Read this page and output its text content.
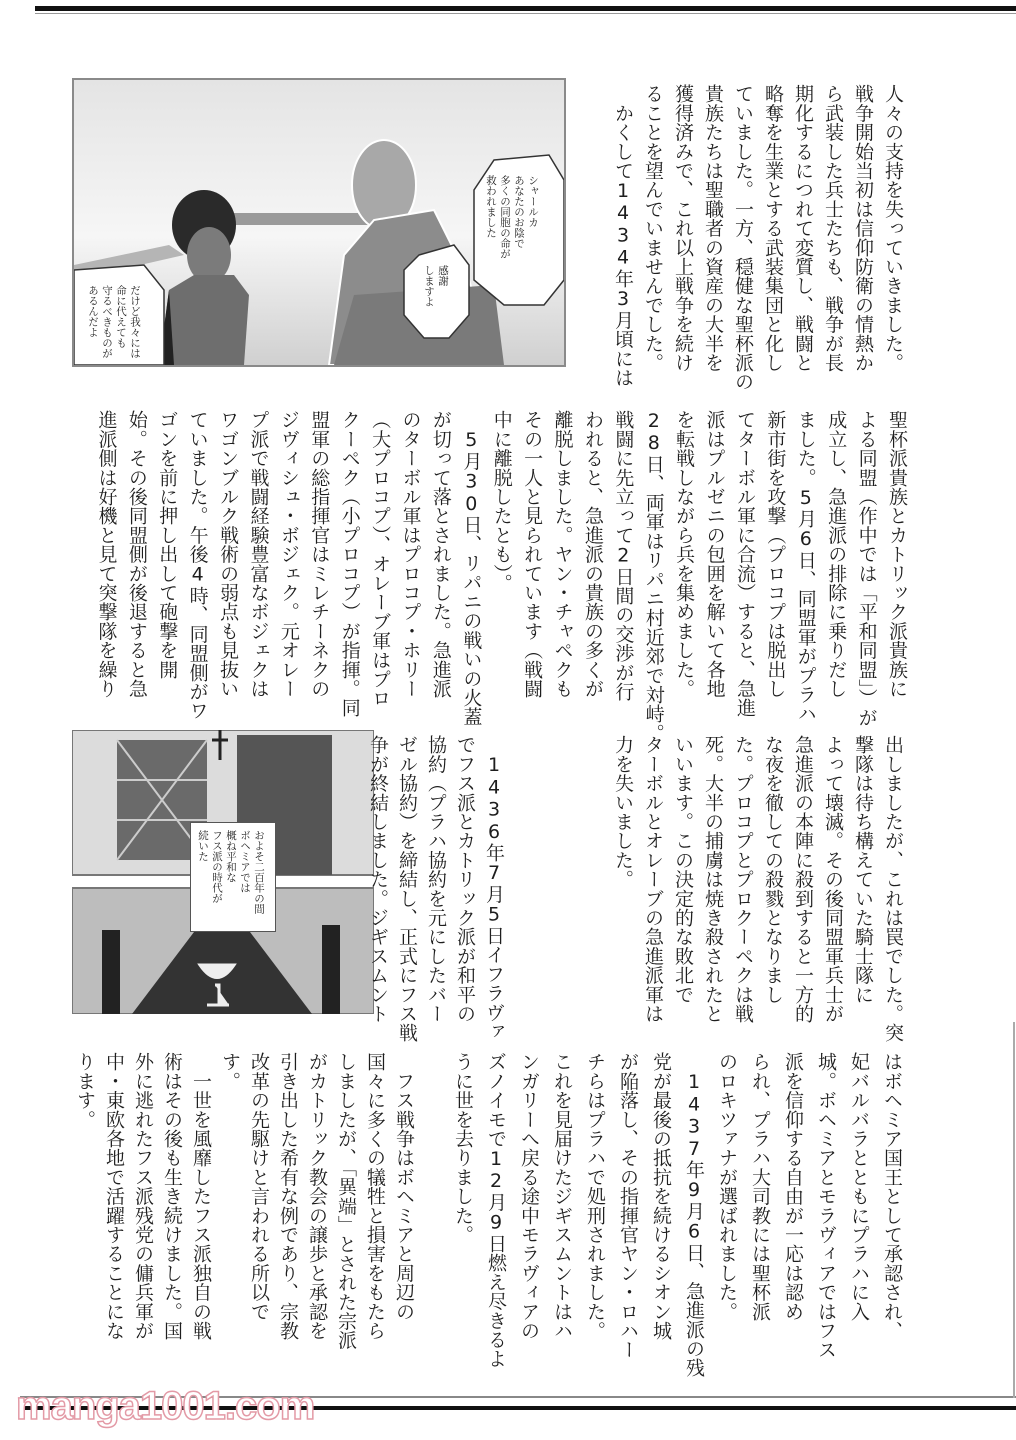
シャールカ
あなたのお陰で
多くの同胞の命が
救われました
感謝
しますよ
だけど我々には
命に代えても
守るべきものが
あるんだよ
およそ二百年の間
ボヘミアでは
概ね平和な
フス派の時代が
続いた
人々の支持を失っていきました。
戦争開始当初は信仰防衛の情熱か
ら武装した兵士たちも、戦争が長
期化するにつれて変質し、戦闘と
略奪を生業とする武装集団と化し
ていました。一方、穏健な聖杯派の
貴族たちは聖職者の資産の大半を
獲得済みで、これ以上戦争を続け
ることを望んでいませんでした。
　かくして1434年3月頃には
聖杯派貴族とカトリック派貴族に
よる同盟（作中では「平和同盟」）が
成立し、急進派の排除に乗りだし
ました。5月6日、同盟軍がプラハ
新市街を攻撃（プロコプは脱出し
てターボル軍に合流）すると、急進
派はプルゼニの包囲を解いて各地
を転戦しながら兵を集めました。
28日、両軍はリパニ村近郊で対峙。
戦闘に先立って2日間の交渉が行
われると、急進派の貴族の多くが
離脱しました。ヤン・チャペクも
その一人と見られています（戦闘
中に離脱したとも）。
　5月30日、リパニの戦いの火蓋
が切って落とされました。急進派
のターボル軍はプロコプ・ホリー
（大プロコプ）、オレーブ軍はプロ
クーペク（小プロコプ）が指揮。同
盟軍の総指揮官はミレチーネクの
ジヴィシュ・ボジェク。元オレー
プ派で戦闘経験豊富なボジェクは
ワゴンブルク戦術の弱点も見抜い
ていました。午後4時、同盟側がワ
ゴンを前に押し出して砲撃を開
始。その後同盟側が後退すると急
進派側は好機と見て突撃隊を繰り
出しましたが、これは罠でした。突
撃隊は待ち構えていた騎士隊に
よって壊滅。その後同盟軍兵士が
急進派の本陣に殺到すると一方的
な夜を徹しての殺戮となりまし
た。プロコプとプロクーペクは戦
死。大半の捕虜は焼き殺されたと
いいます。この決定的な敗北で
ターボルとオレーブの急進派軍は
力を失いました。
　1436年7月5日イフラヴァ
でフス派とカトリック派が和平の
協約（プラハ協約を元にしたバー
ゼル協約）を締結し、正式にフス戦
争が終結しました。ジギスムント
はボヘミア国王として承認され、
妃バルバラとともにプラハに入
城。ボヘミアとモラヴィアではフス
派を信仰する自由が一応は認め
られ、プラハ大司教には聖杯派
のロキツァナが選ばれました。
　1437年9月6日、急進派の残
党が最後の抵抗を続けるシオン城
が陥落し、その指揮官ヤン・ロハー
チらはプラハで処刑されました。
これを見届けたジギスムントはハ
ンガリーへ戻る途中モラヴィアの
ズノイモで12月9日燃え尽きるよ
うに世を去りました。
　フス戦争はボヘミアと周辺の
国々に多くの犠牲と損害をもたら
しましたが、「異端」とされた宗派
がカトリック教会の譲歩と承認を
引き出した希有な例であり、宗教
改革の先駆けと言われる所以で
す。
　一世を風靡したフス派独自の戦
術はその後も生き続けました。国
外に逃れたフス派残党の傭兵軍が
中・東欧各地で活躍することにな
ります。
manga1001.com
